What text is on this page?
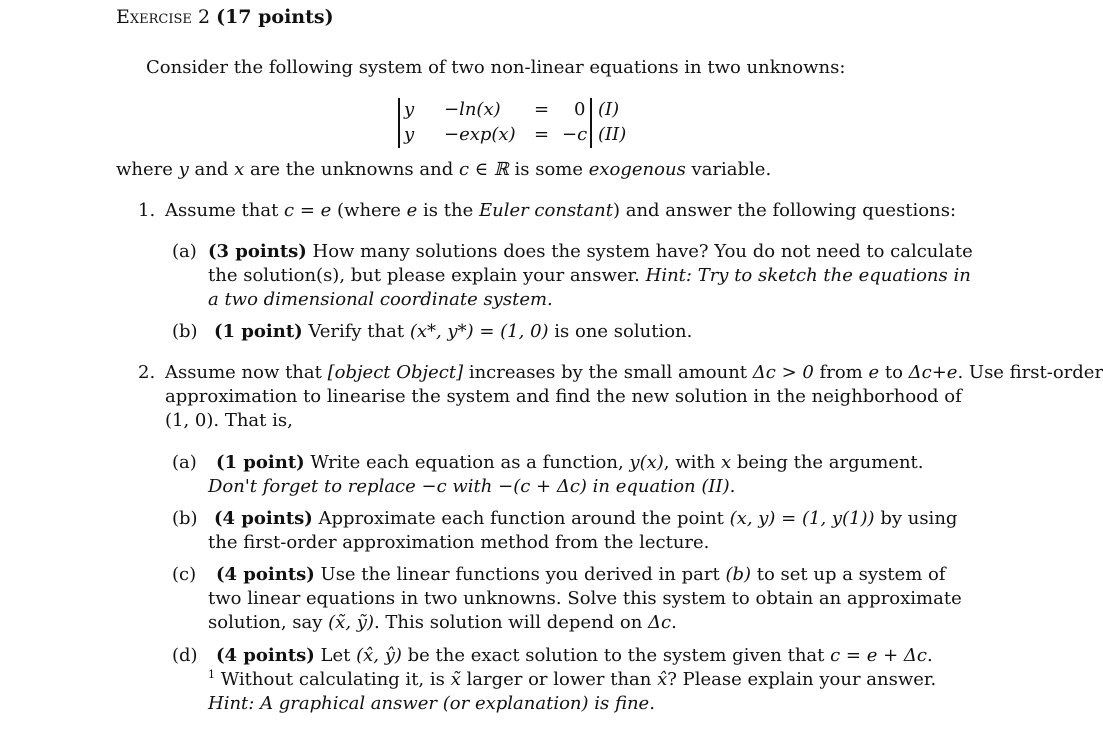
Exercise 2 (17 points)
Consider the following system of two non-linear equations in two unknowns:
y −ln(x) = 0 (I)
y −exp(x) = −c (II)
where y and x are the unknowns and c ∈ ℝ is some exogenous variable.
1. Assume that c = e (where e is the Euler constant) and answer the following questions:
(a) (3 points) How many solutions does the system have? You do not need to calculate
the solution(s), but please explain your answer. Hint: Try to sketch the equations in
a two dimensional coordinate system.
(b) (1 point) Verify that (x*, y*) = (1, 0) is one solution.
2. Assume now that [object Object] increases by the small amount Δc > 0 from e to Δc+e. Use first-order
approximation to linearise the system and find the new solution in the neighborhood of
(1, 0). That is,
(a) (1 point) Write each equation as a function, y(x), with x being the argument.
Don't forget to replace −c with −(c + Δc) in equation (II).
(b) (4 points) Approximate each function around the point (x, y) = (1, y(1)) by using
the first-order approximation method from the lecture.
(c) (4 points) Use the linear functions you derived in part (b) to set up a system of
two linear equations in two unknowns. Solve this system to obtain an approximate
solution, say (x̃, ỹ). This solution will depend on Δc.
(d) (4 points) Let (x̂, ŷ) be the exact solution to the system given that c = e + Δc.
$^1$ Without calculating it, is x̃ larger or lower than x̂? Please explain your answer.
Hint: A graphical answer (or explanation) is fine.
